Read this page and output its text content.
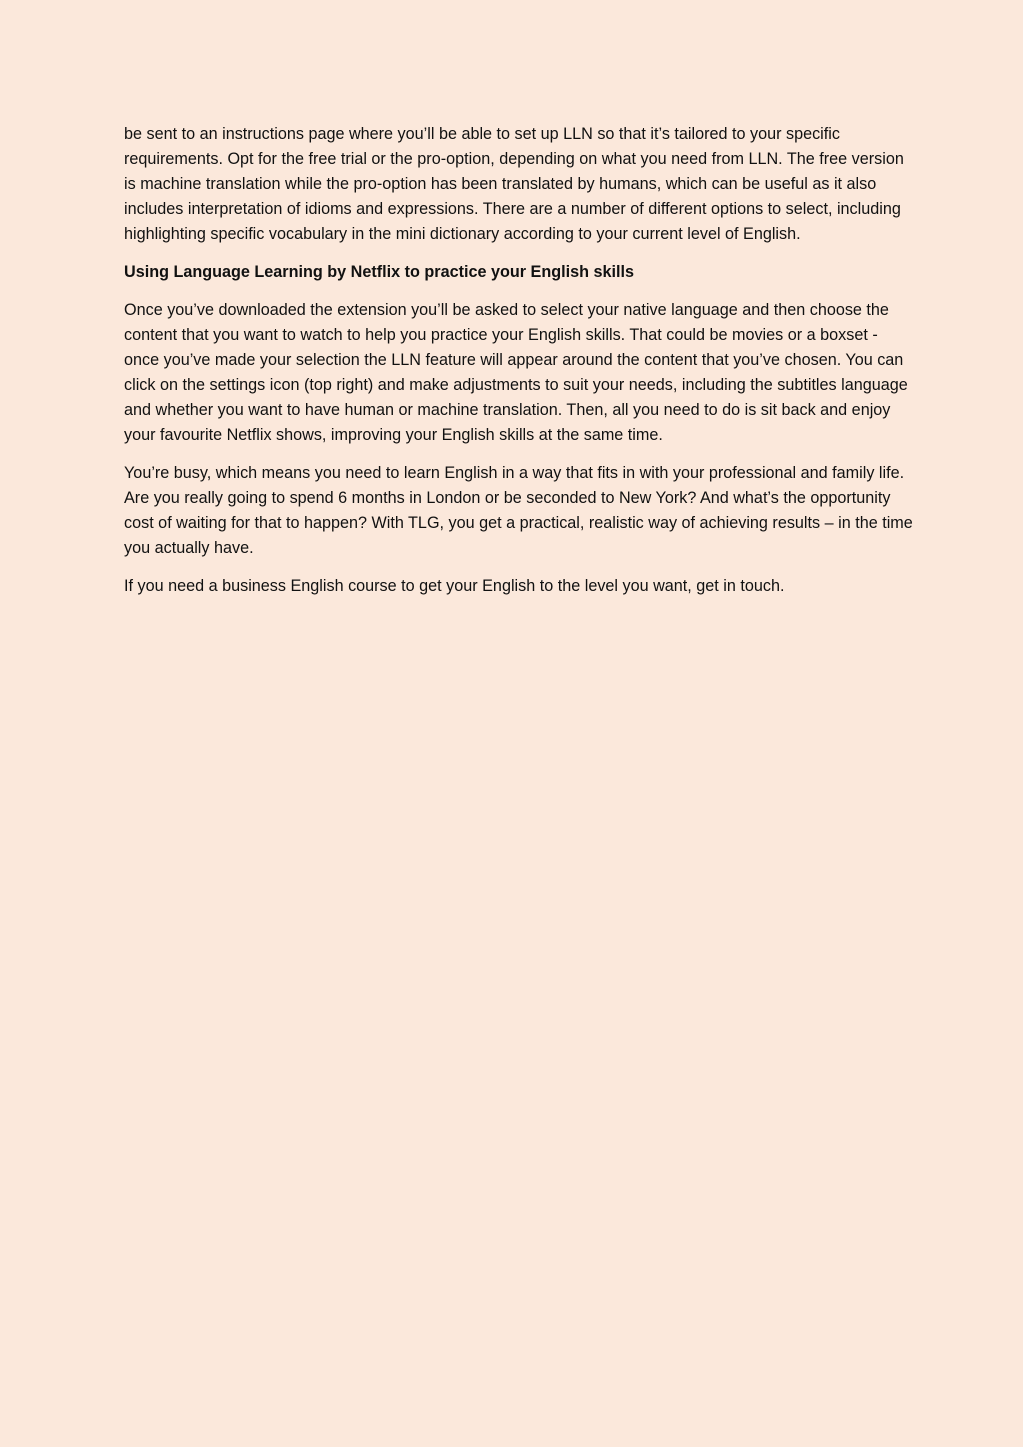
be sent to an instructions page where you’ll be able to set up LLN so that it’s tailored to your specific requirements. Opt for the free trial or the pro-option, depending on what you need from LLN. The free version is machine translation while the pro-option has been translated by humans, which can be useful as it also includes interpretation of idioms and expressions. There are a number of different options to select, including highlighting specific vocabulary in the mini dictionary according to your current level of English.

Using Language Learning by Netflix to practice your English skills

Once you’ve downloaded the extension you’ll be asked to select your native language and then choose the content that you want to watch to help you practice your English skills. That could be movies or a boxset - once you’ve made your selection the LLN feature will appear around the content that you’ve chosen. You can click on the settings icon (top right) and make adjustments to suit your needs, including the subtitles language and whether you want to have human or machine translation. Then, all you need to do is sit back and enjoy your favourite Netflix shows, improving your English skills at the same time.

You’re busy, which means you need to learn English in a way that fits in with your professional and family life. Are you really going to spend 6 months in London or be seconded to New York? And what’s the opportunity cost of waiting for that to happen? With TLG, you get a practical, realistic way of achieving results – in the time you actually have.

If you need a business English course to get your English to the level you want, get in touch.
